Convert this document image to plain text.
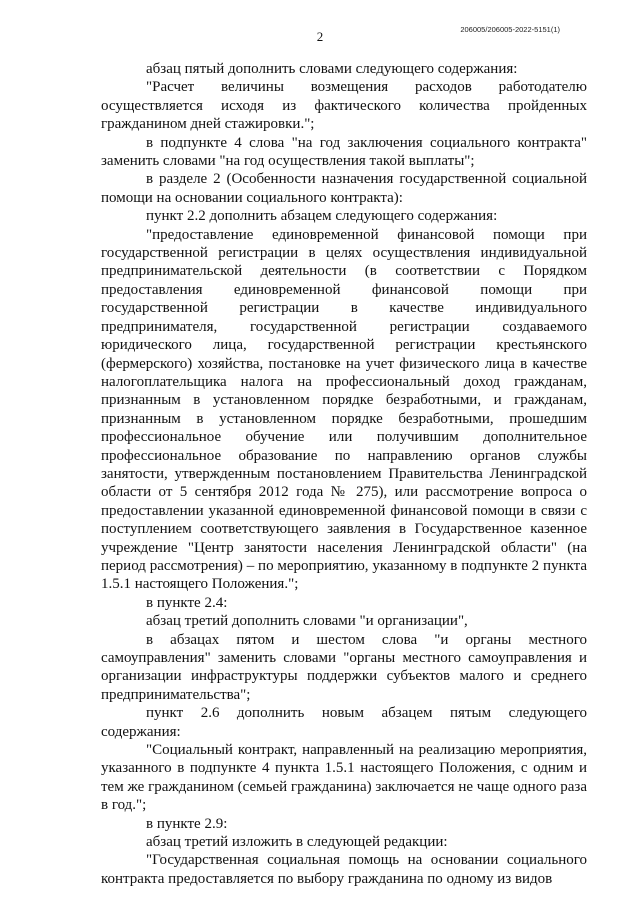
206005/206005-2022-5151(1)
2

абзац пятый дополнить словами следующего содержания:

"Расчет величины возмещения расходов работодателю осуществляется исходя из фактического количества пройденных гражданином дней стажировки.";

в подпункте 4 слова "на год заключения социального контракта" заменить словами "на год осуществления такой выплаты";

в разделе 2 (Особенности назначения государственной социальной помощи на основании социального контракта):

пункт 2.2 дополнить абзацем следующего содержания:

"предоставление единовременной финансовой помощи при государственной регистрации в целях осуществления индивидуальной предпринимательской деятельности (в соответствии с Порядком предоставления единовременной финансовой помощи при государственной регистрации в качестве индивидуального предпринимателя, государственной регистрации создаваемого юридического лица, государственной регистрации крестьянского (фермерского) хозяйства, постановке на учет физического лица в качестве налогоплательщика налога на профессиональный доход гражданам, признанным в установленном порядке безработными, и гражданам, признанным в установленном порядке безработными, прошедшим профессиональное обучение или получившим дополнительное профессиональное образование по направлению органов службы занятости, утвержденным постановлением Правительства Ленинградской области от 5 сентября 2012 года № 275), или рассмотрение вопроса о предоставлении указанной единовременной финансовой помощи в связи с поступлением соответствующего заявления в Государственное казенное учреждение "Центр занятости населения Ленинградской области" (на период рассмотрения) – по мероприятию, указанному в подпункте 2 пункта 1.5.1 настоящего Положения.";

в пункте 2.4:

абзац третий дополнить словами "и организации",

в абзацах пятом и шестом слова "и органы местного самоуправления" заменить словами "органы местного самоуправления и организации инфраструктуры поддержки субъектов малого и среднего предпринимательства";

пункт 2.6 дополнить новым абзацем пятым следующего содержания:

"Социальный контракт, направленный на реализацию мероприятия, указанного в подпункте 4 пункта 1.5.1 настоящего Положения, с одним и тем же гражданином (семьей гражданина) заключается не чаще одного раза в год.";

в пункте 2.9:

абзац третий изложить в следующей редакции:

"Государственная социальная помощь на основании социального контракта предоставляется по выбору гражданина по одному из видов
